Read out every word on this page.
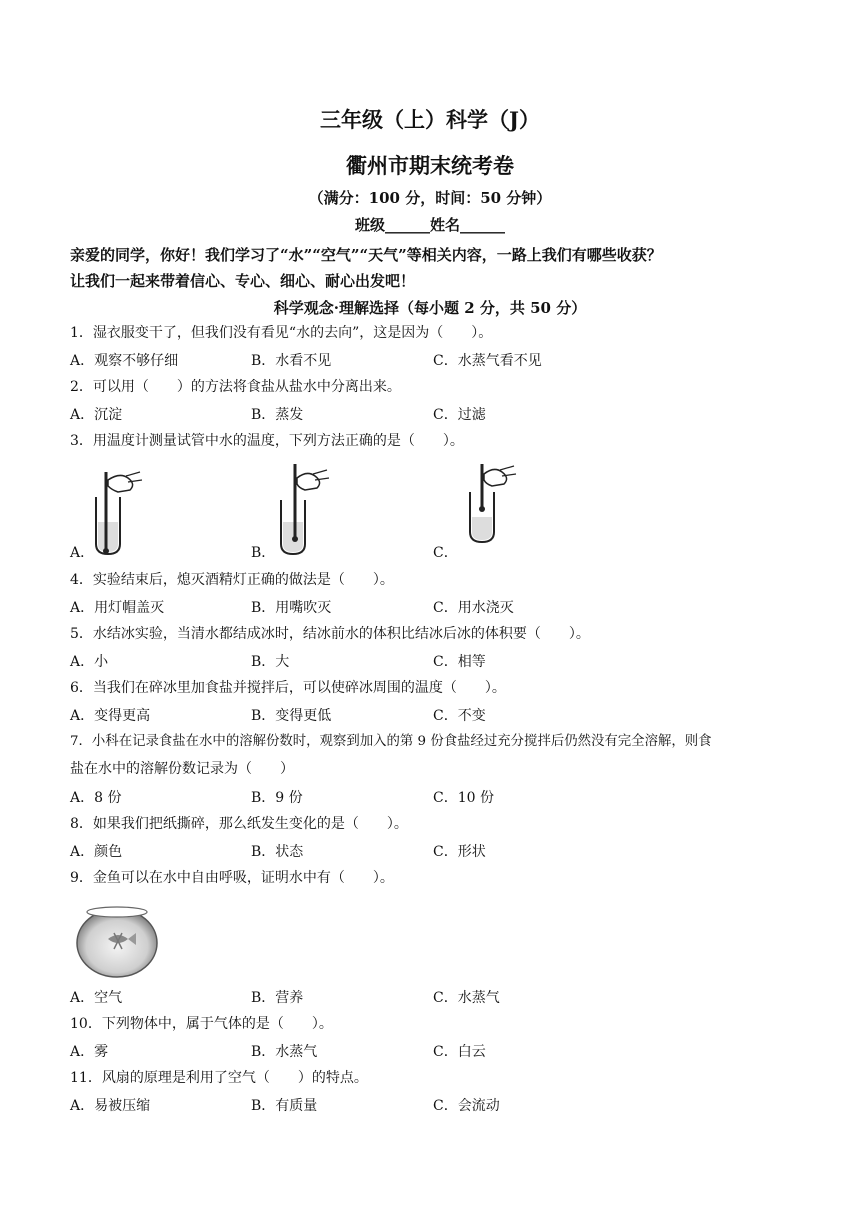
三年级（上）科学（J）
衢州市期末统考卷
（满分：100 分，时间：50 分钟）
班级______姓名______
亲爱的同学，你好！我们学习了“水”“空气”“天气”等相关内容，一路上我们有哪些收获？
让我们一起来带着信心、专心、细心、耐心出发吧！
科学观念·理解选择（每小题 2 分，共 50 分）
1．湿衣服变干了，但我们没有看见“水的去向”，这是因为（　　）。
A．观察不够仔细	B．水看不见	C．水蒸气看不见
2．可以用（　　）的方法将食盐从盐水中分离出来。
A．沉淀	B．蒸发	C．过滤
3．用温度计测量试管中水的温度，下列方法正确的是（　　）。
A．	B．	C．
4．实验结束后，熄灭酒精灯正确的做法是（　　）。
A．用灯帽盖灭	B．用嘴吹灭	C．用水浇灭
5．水结冰实验，当清水都结成冰时，结冰前水的体积比结冰后冰的体积要（　　）。
A．小	B．大	C．相等
6．当我们在碎冰里加食盐并搅拌后，可以使碎冰周围的温度（　　）。
A．变得更高	B．变得更低	C．不变
7．小科在记录食盐在水中的溶解份数时，观察到加入的第 9 份食盐经过充分搅拌后仍然没有完全溶解，则食
盐在水中的溶解份数记录为（　　）
A．8 份	B．9 份	C．10 份
8．如果我们把纸撕碎，那么纸发生变化的是（　　）。
A．颜色	B．状态	C．形状
9．金鱼可以在水中自由呼吸，证明水中有（　　）。
A．空气	B．营养	C．水蒸气
10．下列物体中，属于气体的是（　　）。
A．雾	B．水蒸气	C．白云
11．风扇的原理是利用了空气（　　）的特点。
A．易被压缩	B．有质量	C．会流动
